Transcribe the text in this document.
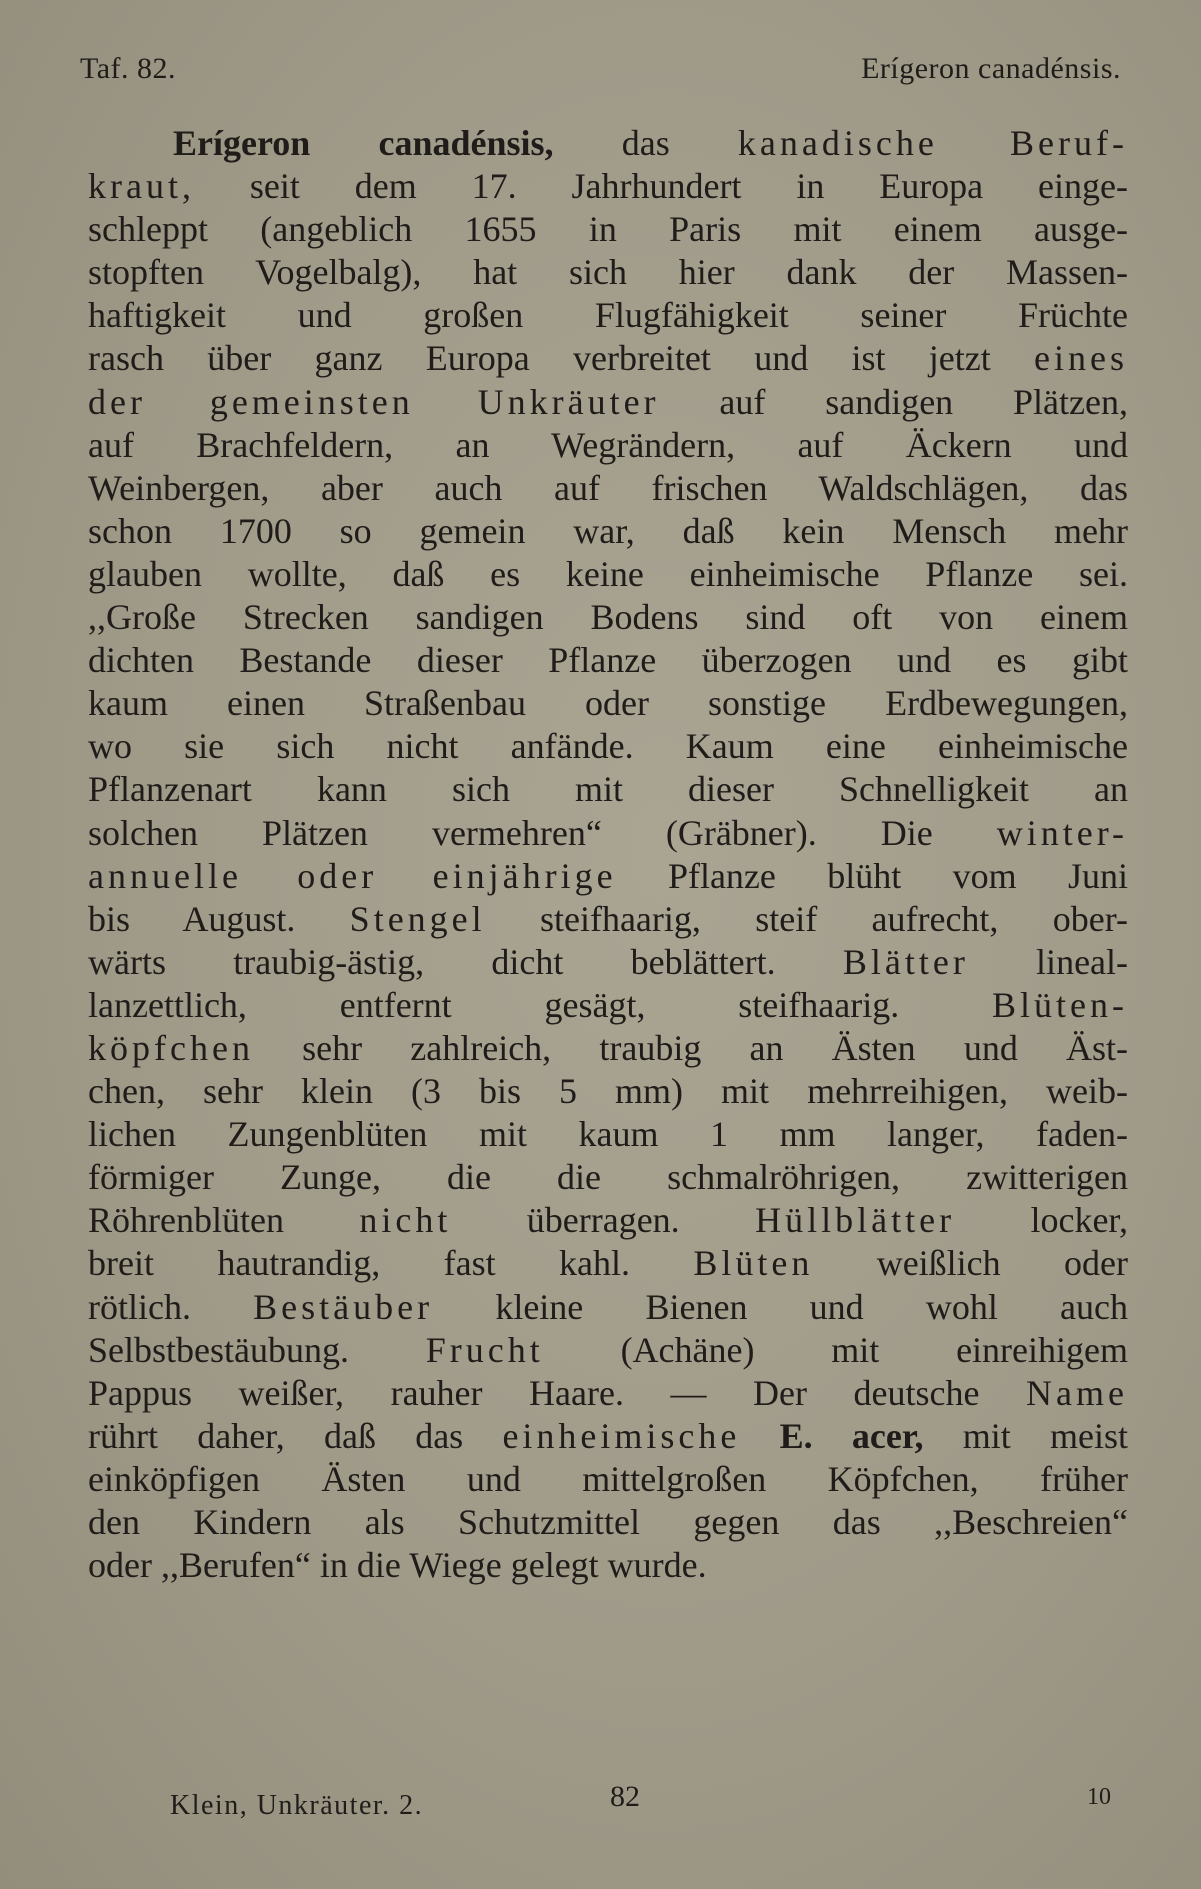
Taf. 82.	Erígeron canadénsis.
Erígeron canadénsis, das kanadische Beruf-
kraut, seit dem 17. Jahrhundert in Europa einge-
schleppt (angeblich 1655 in Paris mit einem ausge-
stopften Vogelbalg), hat sich hier dank der Massen-
haftigkeit und großen Flugfähigkeit seiner Früchte
rasch über ganz Europa verbreitet und ist jetzt eines
der gemeinsten Unkräuter auf sandigen Plätzen,
auf Brachfeldern, an Wegrändern, auf Äckern und
Weinbergen, aber auch auf frischen Waldschlägen, das
schon 1700 so gemein war, daß kein Mensch mehr
glauben wollte, daß es keine einheimische Pflanze sei.
,,Große Strecken sandigen Bodens sind oft von einem
dichten Bestande dieser Pflanze überzogen und es gibt
kaum einen Straßenbau oder sonstige Erdbewegungen,
wo sie sich nicht anfände. Kaum eine einheimische
Pflanzenart kann sich mit dieser Schnelligkeit an
solchen Plätzen vermehren“ (Gräbner). Die winter-
annuelle oder einjährige Pflanze blüht vom Juni
bis August. Stengel steifhaarig, steif aufrecht, ober-
wärts traubig-ästig, dicht beblättert. Blätter lineal-
lanzettlich, entfernt gesägt, steifhaarig. Blüten-
köpfchen sehr zahlreich, traubig an Ästen und Äst-
chen, sehr klein (3 bis 5 mm) mit mehrreihigen, weib-
lichen Zungenblüten mit kaum 1 mm langer, faden-
förmiger Zunge, die die schmalröhrigen, zwitterigen
Röhrenblüten nicht überragen. Hüllblätter locker,
breit hautrandig, fast kahl. Blüten weißlich oder
rötlich. Bestäuber kleine Bienen und wohl auch
Selbstbestäubung. Frucht (Achäne) mit einreihigem
Pappus weißer, rauher Haare. — Der deutsche Name
rührt daher, daß das einheimische E. acer, mit meist
einköpfigen Ästen und mittelgroßen Köpfchen, früher
den Kindern als Schutzmittel gegen das ,,Beschreien“
oder ,,Berufen“ in die Wiege gelegt wurde.
Klein, Unkräuter. 2.	82	10
